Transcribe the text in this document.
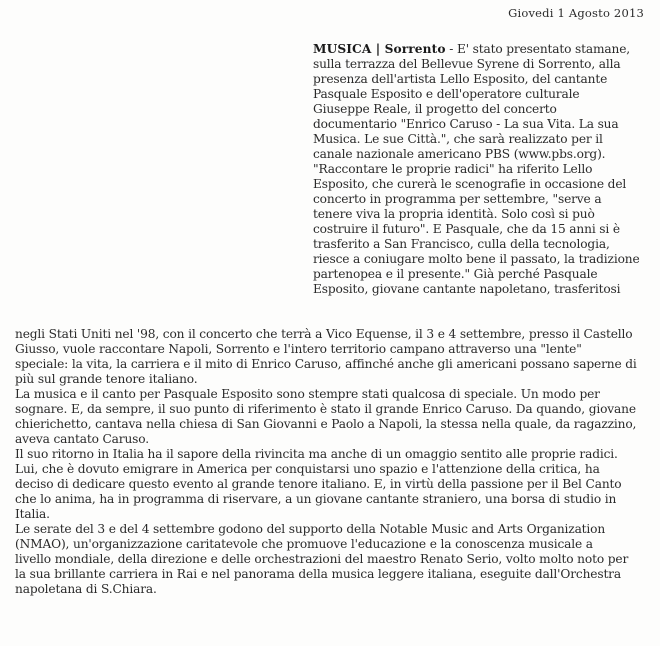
Giovedi 1 Agosto 2013
MUSICA | Sorrento - E' stato presentato stamane,
sulla terrazza del Bellevue Syrene di Sorrento, alla
presenza dell'artista Lello Esposito, del cantante
Pasquale Esposito e dell'operatore culturale
Giuseppe Reale, il progetto del concerto
documentario "Enrico Caruso - La sua Vita. La sua
Musica. Le sue Città.", che sarà realizzato per il
canale nazionale americano PBS (www.pbs.org).
"Raccontare le proprie radici" ha riferito Lello
Esposito, che curerà le scenografie in occasione del
concerto in programma per settembre, "serve a
tenere viva la propria identità. Solo così si può
costruire il futuro". E Pasquale, che da 15 anni si è
trasferito a San Francisco, culla della tecnologia,
riesce a coniugare molto bene il passato, la tradizione
partenopea e il presente." Già perché Pasquale
Esposito, giovane cantante napoletano, trasferitosi
negli Stati Uniti nel '98, con il concerto che terrà a Vico Equense, il 3 e 4 settembre, presso il Castello
Giusso, vuole raccontare Napoli, Sorrento e l'intero territorio campano attraverso una "lente"
speciale: la vita, la carriera e il mito di Enrico Caruso, affinché anche gli americani possano saperne di
più sul grande tenore italiano.
La musica e il canto per Pasquale Esposito sono stempre stati qualcosa di speciale. Un modo per
sognare. E, da sempre, il suo punto di riferimento è stato il grande Enrico Caruso. Da quando, giovane
chierichetto, cantava nella chiesa di San Giovanni e Paolo a Napoli, la stessa nella quale, da ragazzino,
aveva cantato Caruso.
Il suo ritorno in Italia ha il sapore della rivincita ma anche di un omaggio sentito alle proprie radici.
Lui, che è dovuto emigrare in America per conquistarsi uno spazio e l'attenzione della critica, ha
deciso di dedicare questo evento al grande tenore italiano. E, in virtù della passione per il Bel Canto
che lo anima, ha in programma di riservare, a un giovane cantante straniero, una borsa di studio in
Italia.
Le serate del 3 e del 4 settembre godono del supporto della Notable Music and Arts Organization
(NMAO), un'organizzazione caritatevole che promuove l'educazione e la conoscenza musicale a
livello mondiale, della direzione e delle orchestrazioni del maestro Renato Serio, volto molto noto per
la sua brillante carriera in Rai e nel panorama della musica leggere italiana, eseguite dall'Orchestra
napoletana di S.Chiara.
